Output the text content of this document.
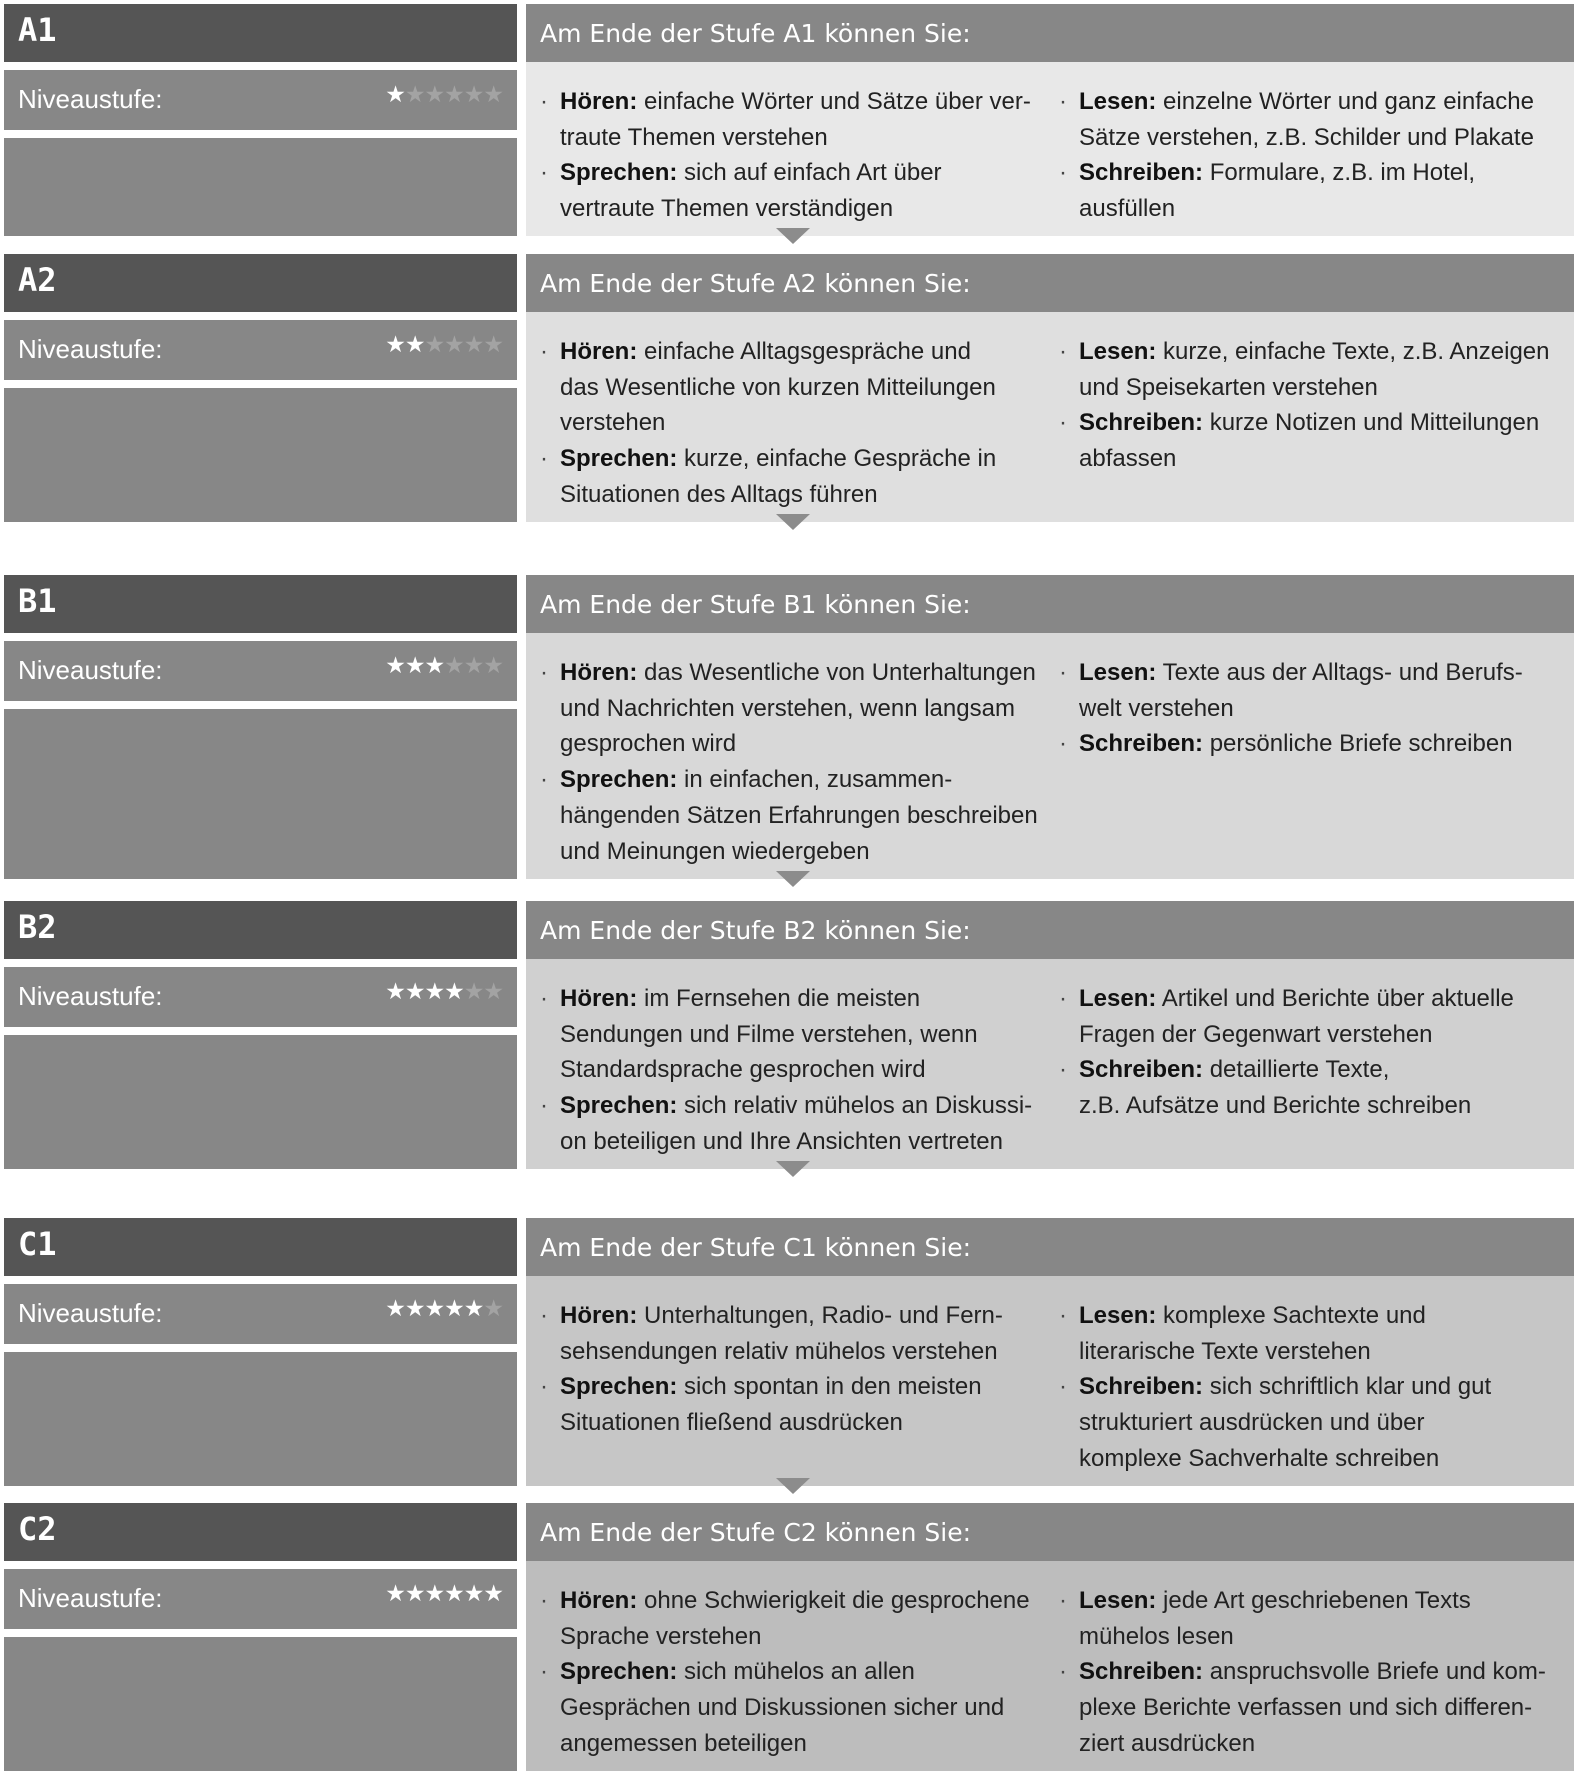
A1
Niveaustufe:	★★★★★★
Am Ende der Stufe A1 können Sie:
· Hören: einfache Wörter und Sätze über ver-
traute Themen verstehen
· Sprechen: sich auf einfach Art über
vertraute Themen verständigen
· Lesen: einzelne Wörter und ganz einfache
Sätze verstehen, z.B. Schilder und Plakate
· Schreiben: Formulare, z.B. im Hotel,
ausfüllen
A2
Niveaustufe:	★★★★★★
Am Ende der Stufe A2 können Sie:
· Hören: einfache Alltagsgespräche und
das Wesentliche von kurzen Mitteilungen
verstehen
· Sprechen: kurze, einfache Gespräche in
Situationen des Alltags führen
· Lesen: kurze, einfache Texte, z.B. Anzeigen
und Speisekarten verstehen
· Schreiben: kurze Notizen und Mitteilungen
abfassen
B1
Niveaustufe:	★★★★★★
Am Ende der Stufe B1 können Sie:
· Hören: das Wesentliche von Unterhaltungen
und Nachrichten verstehen, wenn langsam
gesprochen wird
· Sprechen: in einfachen, zusammen-
hängenden Sätzen Erfahrungen beschreiben
und Meinungen wiedergeben
· Lesen: Texte aus der Alltags- und Berufs-
welt verstehen
· Schreiben: persönliche Briefe schreiben
B2
Niveaustufe:	★★★★★★
Am Ende der Stufe B2 können Sie:
· Hören: im Fernsehen die meisten
Sendungen und Filme verstehen, wenn
Standardsprache gesprochen wird
· Sprechen: sich relativ mühelos an Diskussi-
on beteiligen und Ihre Ansichten vertreten
· Lesen: Artikel und Berichte über aktuelle
Fragen der Gegenwart verstehen
· Schreiben: detaillierte Texte,
z.B. Aufsätze und Berichte schreiben
C1
Niveaustufe:	★★★★★★
Am Ende der Stufe C1 können Sie:
· Hören: Unterhaltungen, Radio- und Fern-
sehsendungen relativ mühelos verstehen
· Sprechen: sich spontan in den meisten
Situationen fließend ausdrücken
· Lesen: komplexe Sachtexte und
literarische Texte verstehen
· Schreiben: sich schriftlich klar und gut
strukturiert ausdrücken und über
komplexe Sachverhalte schreiben
C2
Niveaustufe:	★★★★★★
Am Ende der Stufe C2 können Sie:
· Hören: ohne Schwierigkeit die gesprochene
Sprache verstehen
· Sprechen: sich mühelos an allen
Gesprächen und Diskussionen sicher und
angemessen beteiligen
· Lesen: jede Art geschriebenen Texts
mühelos lesen
· Schreiben: anspruchsvolle Briefe und kom-
plexe Berichte verfassen und sich differen-
ziert ausdrücken
